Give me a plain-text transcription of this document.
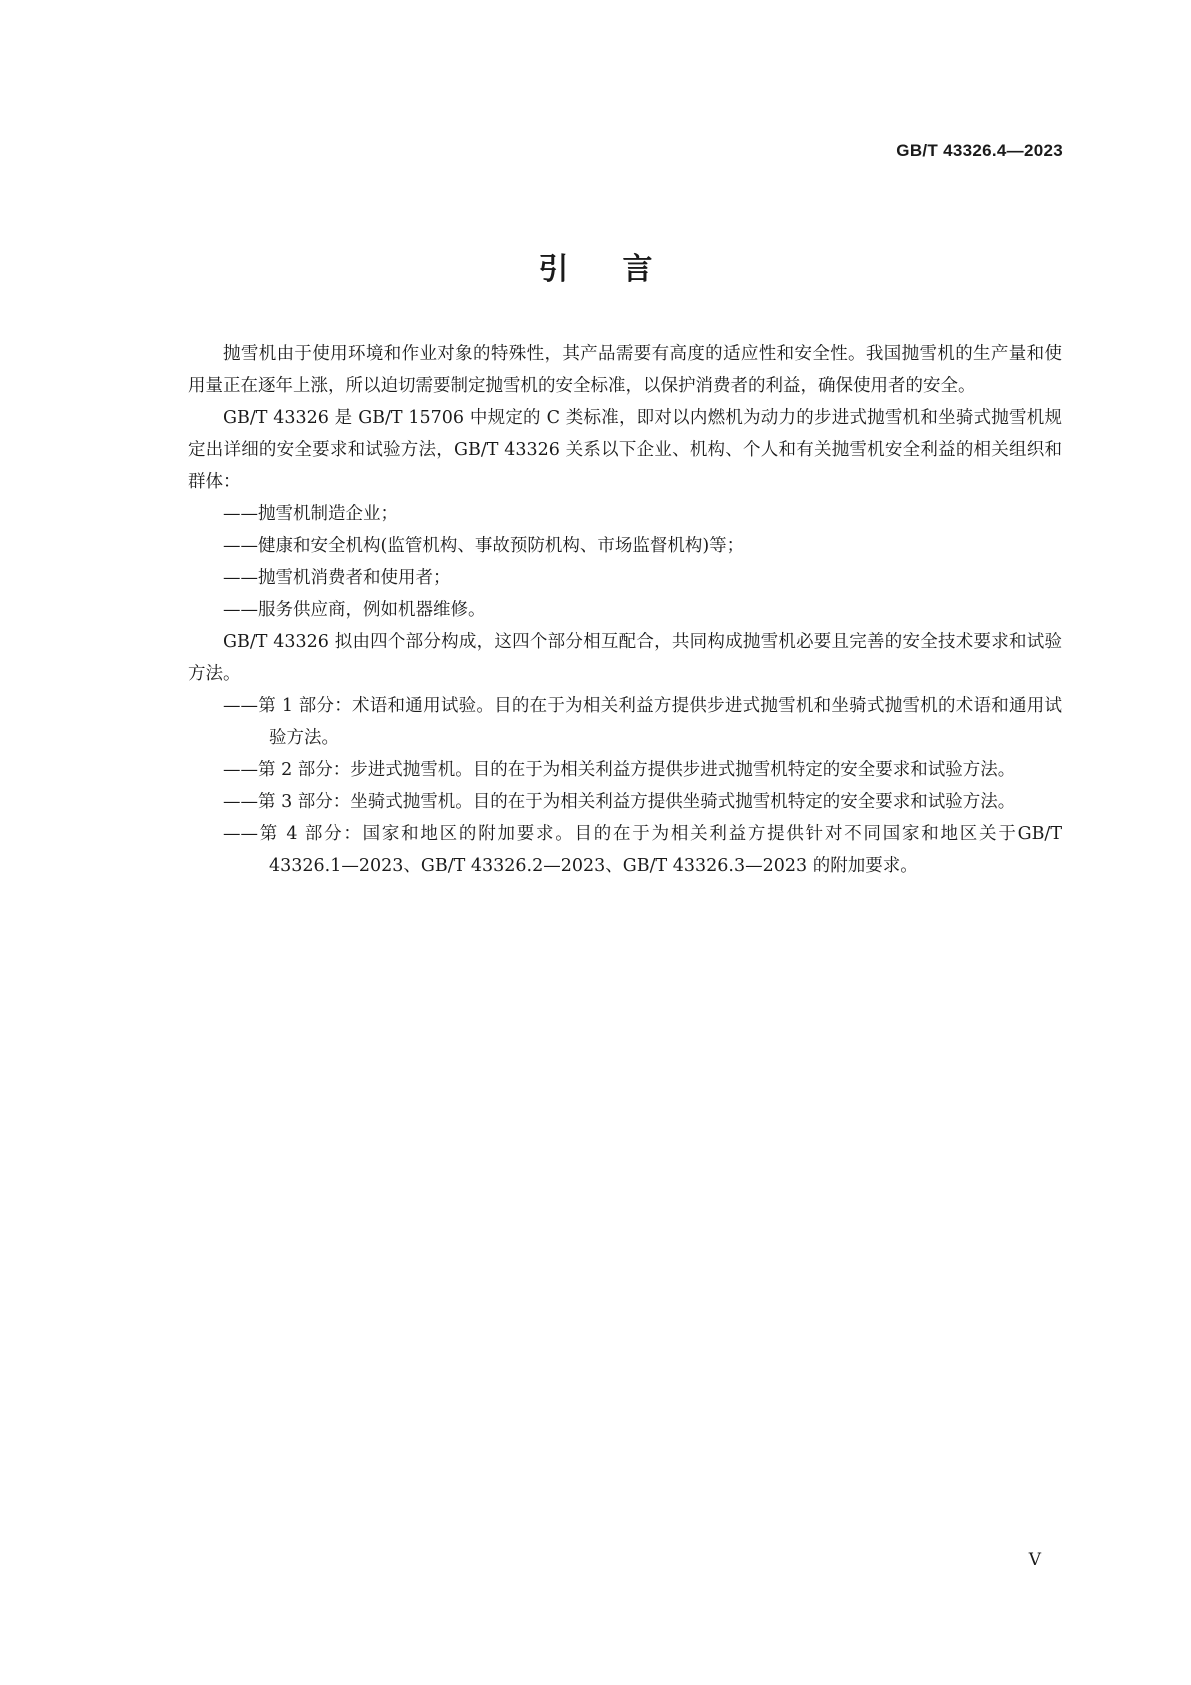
GB/T 43326.4—2023
引言

抛雪机由于使用环境和作业对象的特殊性，其产品需要有高度的适应性和安全性。我国抛雪机的生产量和使用量正在逐年上涨，所以迫切需要制定抛雪机的安全标准，以保护消费者的利益，确保使用者的安全。

GB/T 43326 是 GB/T 15706 中规定的 C 类标准，即对以内燃机为动力的步进式抛雪机和坐骑式抛雪机规定出详细的安全要求和试验方法，GB/T 43326 关系以下企业、机构、个人和有关抛雪机安全利益的相关组织和群体：

——抛雪机制造企业；

——健康和安全机构(监管机构、事故预防机构、市场监督机构)等；

——抛雪机消费者和使用者；

——服务供应商，例如机器维修。

GB/T 43326 拟由四个部分构成，这四个部分相互配合，共同构成抛雪机必要且完善的安全技术要求和试验方法。

——第 1 部分：术语和通用试验。目的在于为相关利益方提供步进式抛雪机和坐骑式抛雪机的术语和通用试验方法。

——第 2 部分：步进式抛雪机。目的在于为相关利益方提供步进式抛雪机特定的安全要求和试验方法。

——第 3 部分：坐骑式抛雪机。目的在于为相关利益方提供坐骑式抛雪机特定的安全要求和试验方法。

——第 4 部分：国家和地区的附加要求。目的在于为相关利益方提供针对不同国家和地区关于GB/T 43326.1—2023、GB/T 43326.2—2023、GB/T 43326.3—2023 的附加要求。

V
